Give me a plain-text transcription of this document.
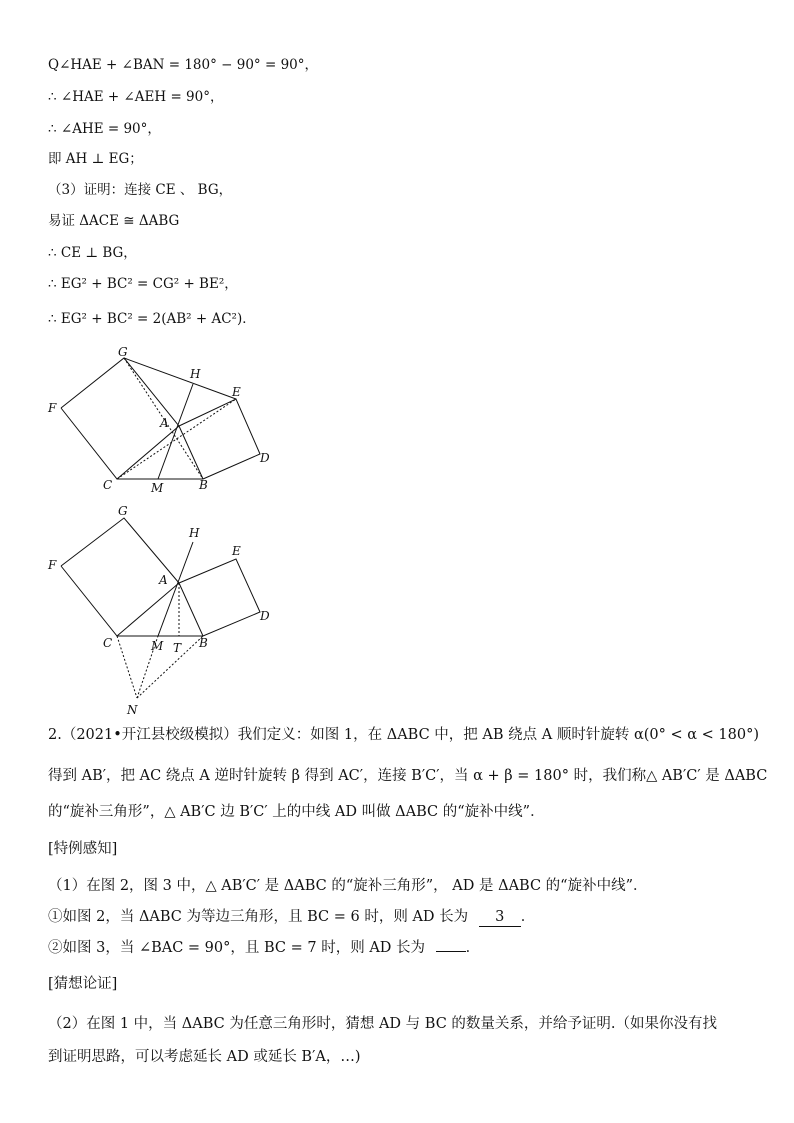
Q∠HAE + ∠BAN = 180° − 90° = 90°，
∴ ∠HAE + ∠AEH = 90°，
∴ ∠AHE = 90°，
即 AH ⊥ EG；
（3）证明：连接 CE 、 BG，
易证 ΔACE ≅ ΔABG
∴ CE ⊥ BG，
∴ EG² + BC² = CG² + BE²，
∴ EG² + BC² = 2(AB² + AC²)．
G
H
E
F
A
D
C	M	B
G
H
E
F
A
D
C	M T B
N
2.（2021•开江县校级模拟）我们定义：如图 1，在 ΔABC 中，把 AB 绕点 A 顺时针旋转 α(0° < α < 180°)
得到 AB′，把 AC 绕点 A 逆时针旋转 β 得到 AC′，连接 B′C′，当 α + β = 180° 时，我们称△ AB′C′ 是 ΔABC
的“旋补三角形”，△ AB′C 边 B′C′ 上的中线 AD 叫做 ΔABC 的“旋补中线”．
[特例感知]
（1）在图 2，图 3 中，△ AB′C′ 是 ΔABC 的“旋补三角形”， AD 是 ΔABC 的“旋补中线”．
①如图 2，当 ΔABC 为等边三角形，且 BC = 6 时，则 AD 长为 3 ．
②如图 3，当 ∠BAC = 90°，且 BC = 7 时，则 AD 长为	．
[猜想论证]
（2）在图 1 中，当 ΔABC 为任意三角形时，猜想 AD 与 BC 的数量关系，并给予证明.（如果你没有找
到证明思路，可以考虑延长 AD 或延长 B′A，…)
